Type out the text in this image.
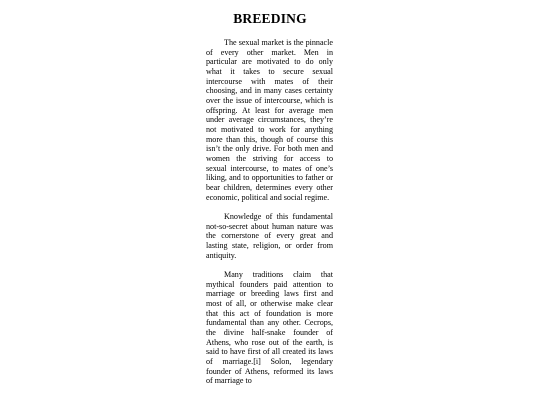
BREEDING

The sexual market is the pinnacle of every other market. Men in particular are motivated to do only what it takes to secure sexual intercourse with mates of their choosing, and in many cases certainty over the issue of intercourse, which is offspring. At least for average men under average circumstances, they’re not motivated to work for anything more than this, though of course this isn’t the only drive. For both men and women the striving for access to sexual intercourse, to mates of one’s liking, and to opportunities to father or bear children, determines every other economic, political and social regime.

Knowledge of this fundamental not-so-secret about human nature was the cornerstone of every great and lasting state, religion, or order from antiquity.

Many traditions claim that mythical founders paid attention to marriage or breeding laws first and most of all, or otherwise make clear that this act of foundation is more fundamental than any other. Cecrops, the divine half-snake founder of Athens, who rose out of the earth, is said to have first of all created its laws of marriage.[i] Solon, legendary founder of Athens, reformed its laws of marriage to
